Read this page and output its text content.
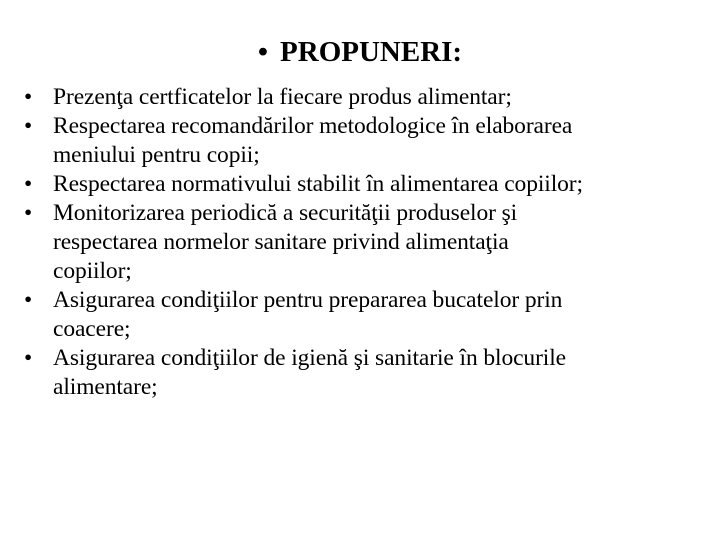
• PROPUNERI:
• Prezenţa certficatelor la fiecare produs alimentar;
• Respectarea recomandărilor metodologice în elaborarea
meniului pentru copii;
• Respectarea normativului stabilit în alimentarea copiilor;
• Monitorizarea periodică a securităţii produselor şi
respectarea normelor sanitare privind alimentaţia
copiilor;
• Asigurarea condiţiilor pentru prepararea bucatelor prin
coacere;
• Asigurarea condiţiilor de igienă şi sanitarie în blocurile
alimentare;
